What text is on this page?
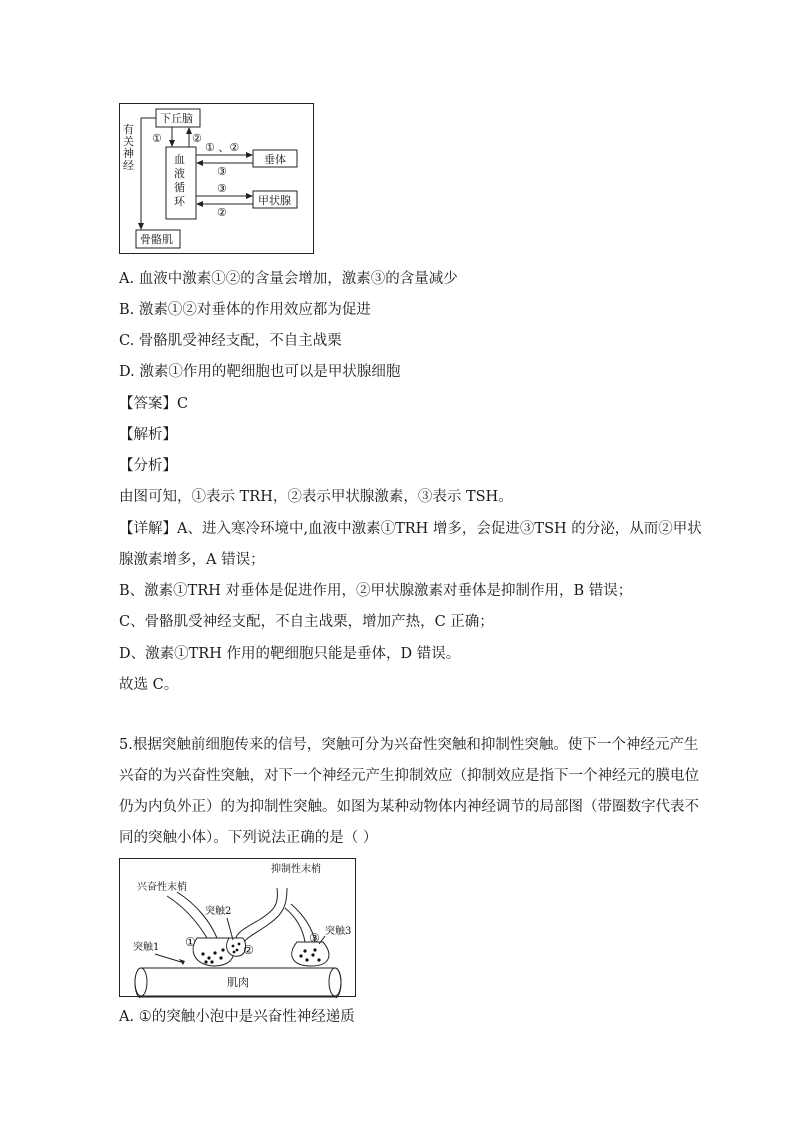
有
关
神
经
下丘脑
血
液
循
环
垂体
甲状腺
骨骼肌
①	②
① 、②
③
③
②
A. 血液中激素①②的含量会增加，激素③的含量减少
B. 激素①②对垂体的作用效应都为促进
C. 骨骼肌受神经支配，不自主战栗
D. 激素①作用的靶细胞也可以是甲状腺细胞
【答案】C
【解析】
【分析】
由图可知，①表示 TRH，②表示甲状腺激素，③表示 TSH。
【详解】A、进入寒冷环境中,血液中激素①TRH 增多，会促进③TSH 的分泌，从而②甲状
腺激素增多，A 错误；
B、激素①TRH 对垂体是促进作用，②甲状腺激素对垂体是抑制作用，B 错误；
C、骨骼肌受神经支配，不自主战栗，增加产热，C 正确；
D、激素①TRH 作用的靶细胞只能是垂体，D 错误。
故选 C。
5.根据突触前细胞传来的信号，突触可分为兴奋性突触和抑制性突触。使下一个神经元产生
兴奋的为兴奋性突触，对下一个神经元产生抑制效应（抑制效应是指下一个神经元的膜电位
仍为内负外正）的为抑制性突触。如图为某种动物体内神经调节的局部图（带圈数字代表不
同的突触小体）。下列说法正确的是（ ）
肌肉
兴奋性末梢
抑制性末梢
突触2
突触1
突触3
①
②
③
A. ①的突触小泡中是兴奋性神经递质
